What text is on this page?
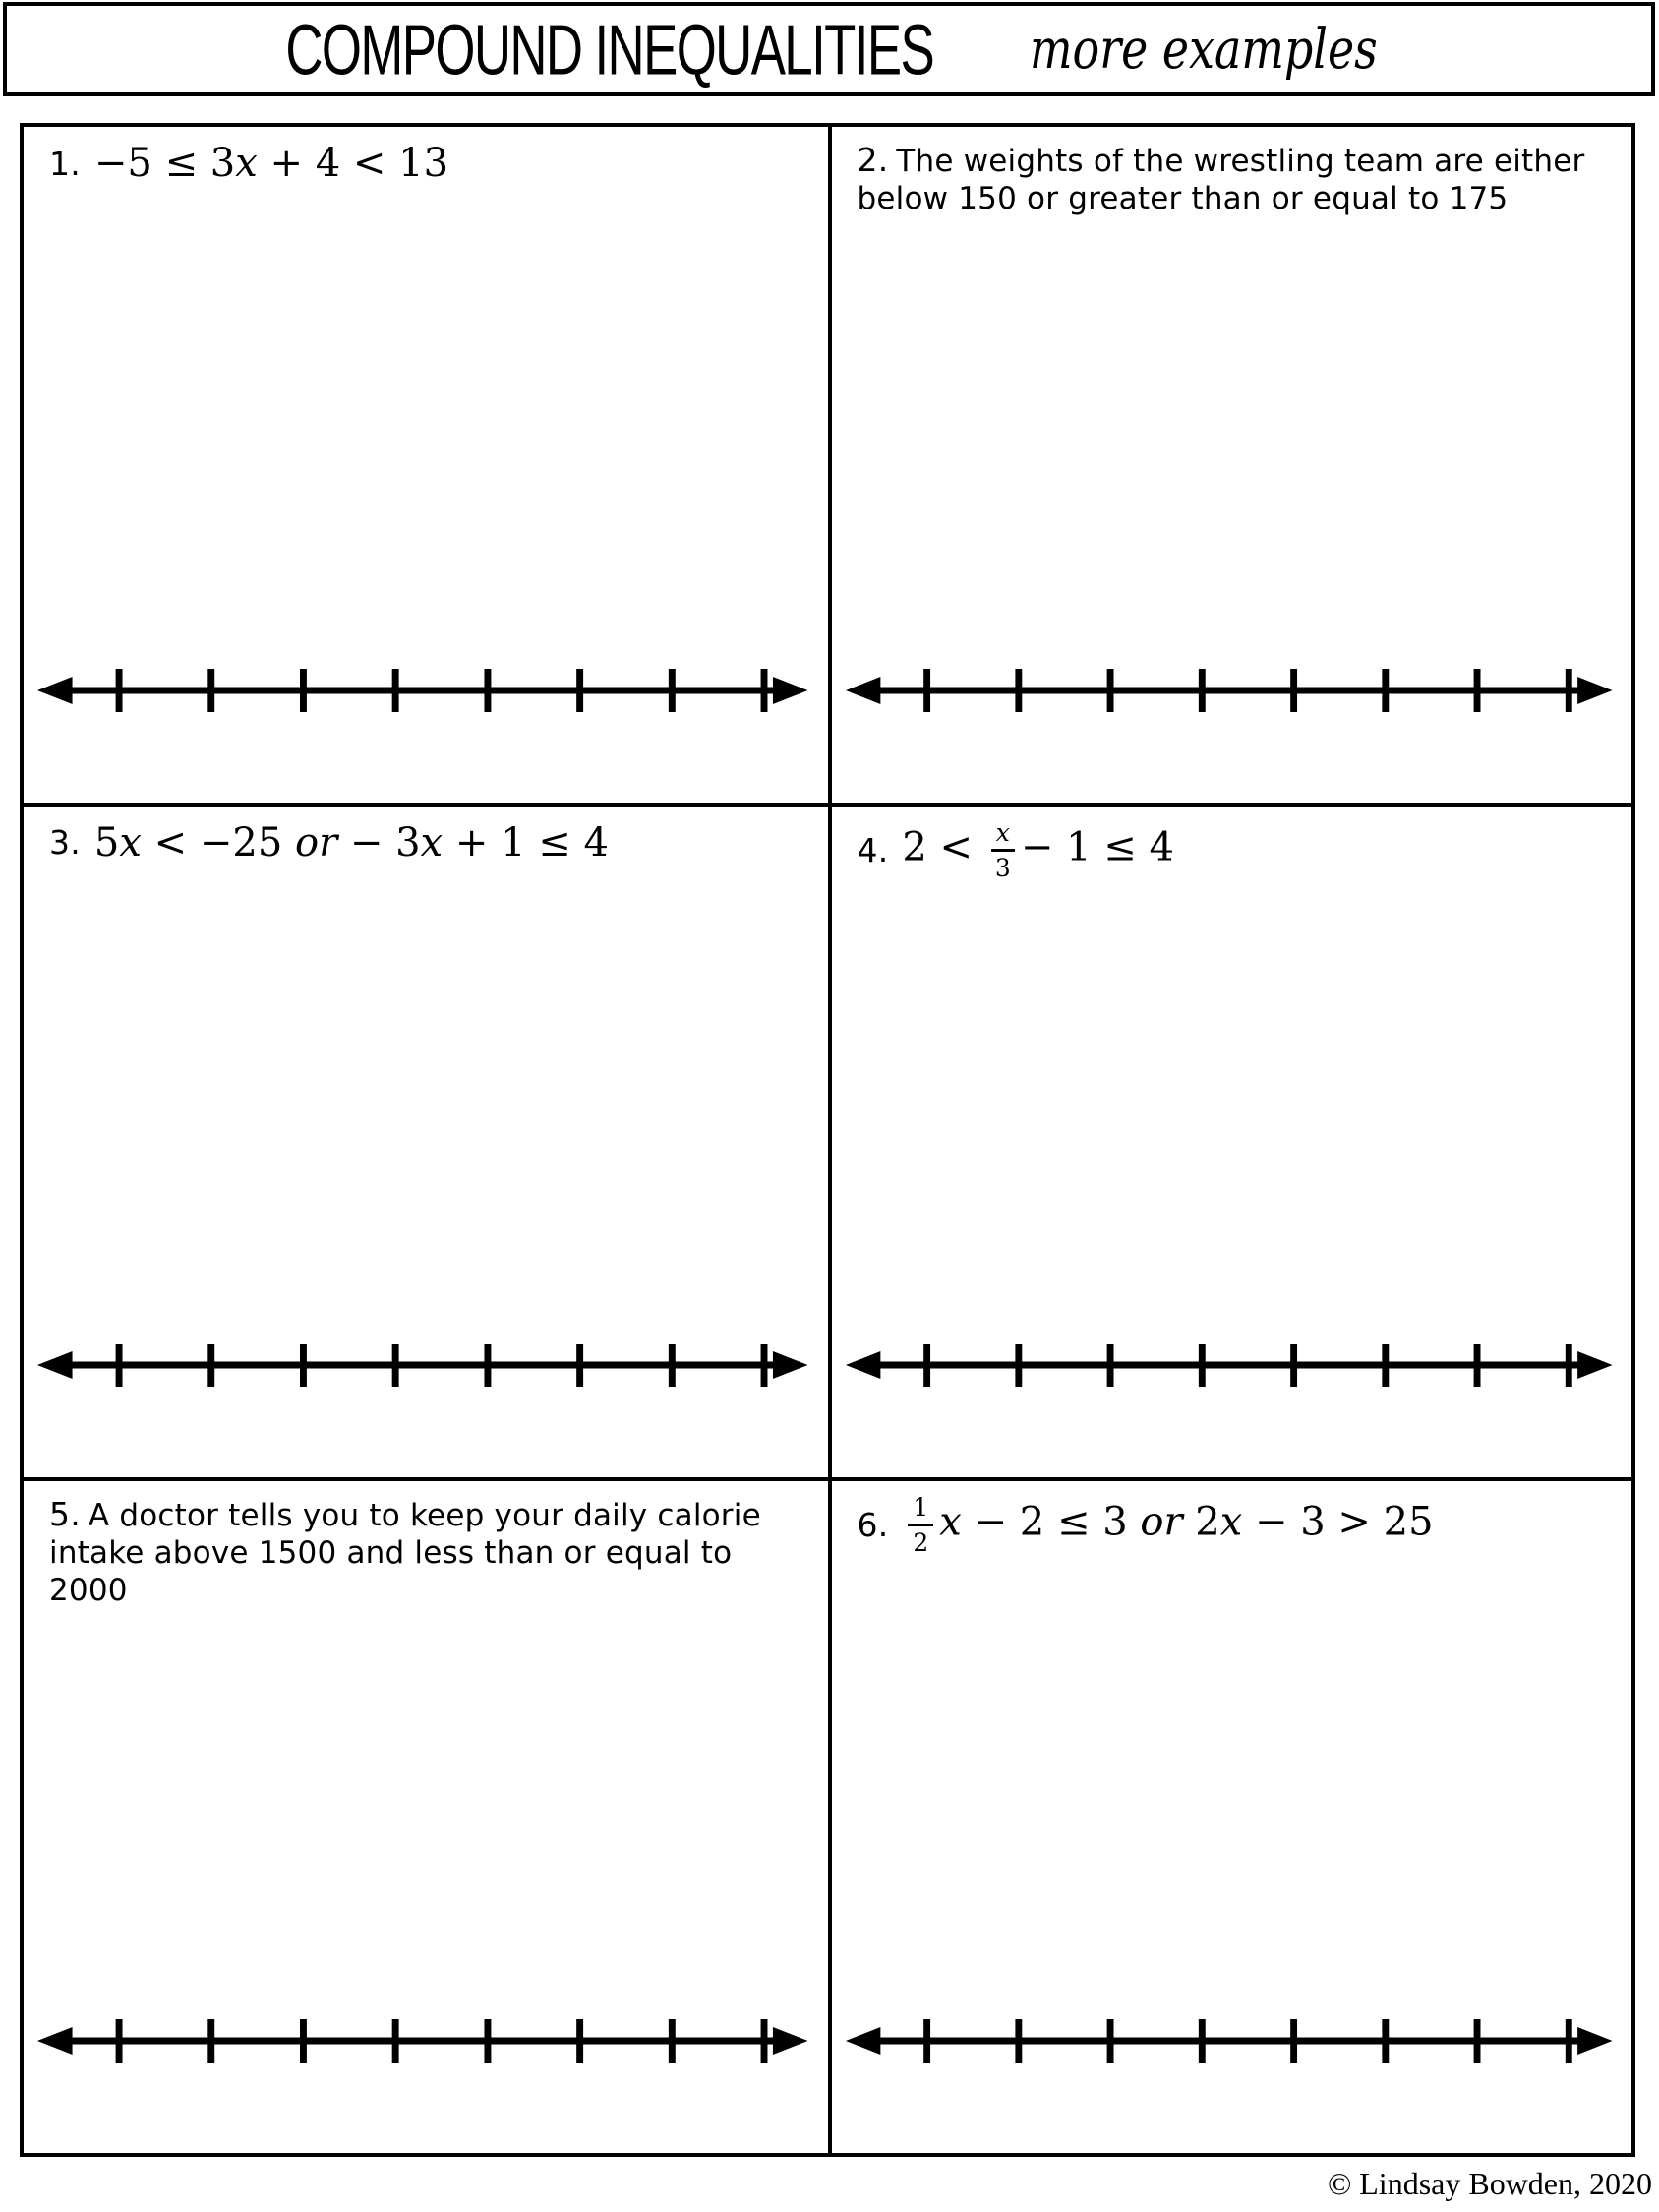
COMPOUND INEQUALITIES more examples

1. −5 ≤ 3x + 4 < 13	2. The weights of the wrestling team are either below 150 or greater than or equal to 175

3. 5x < −25 or − 3x + 1 ≤ 4	4. $2 < \frac{x}{3} - 1 \le 4$

5. A doctor tells you to keep your daily calorie intake above 1500 and less than or equal to 2000

6. $\frac{1}{2}$ x − 2 ≤ 3 or 2x − 3 > 25

© Lindsay Bowden, 2020
